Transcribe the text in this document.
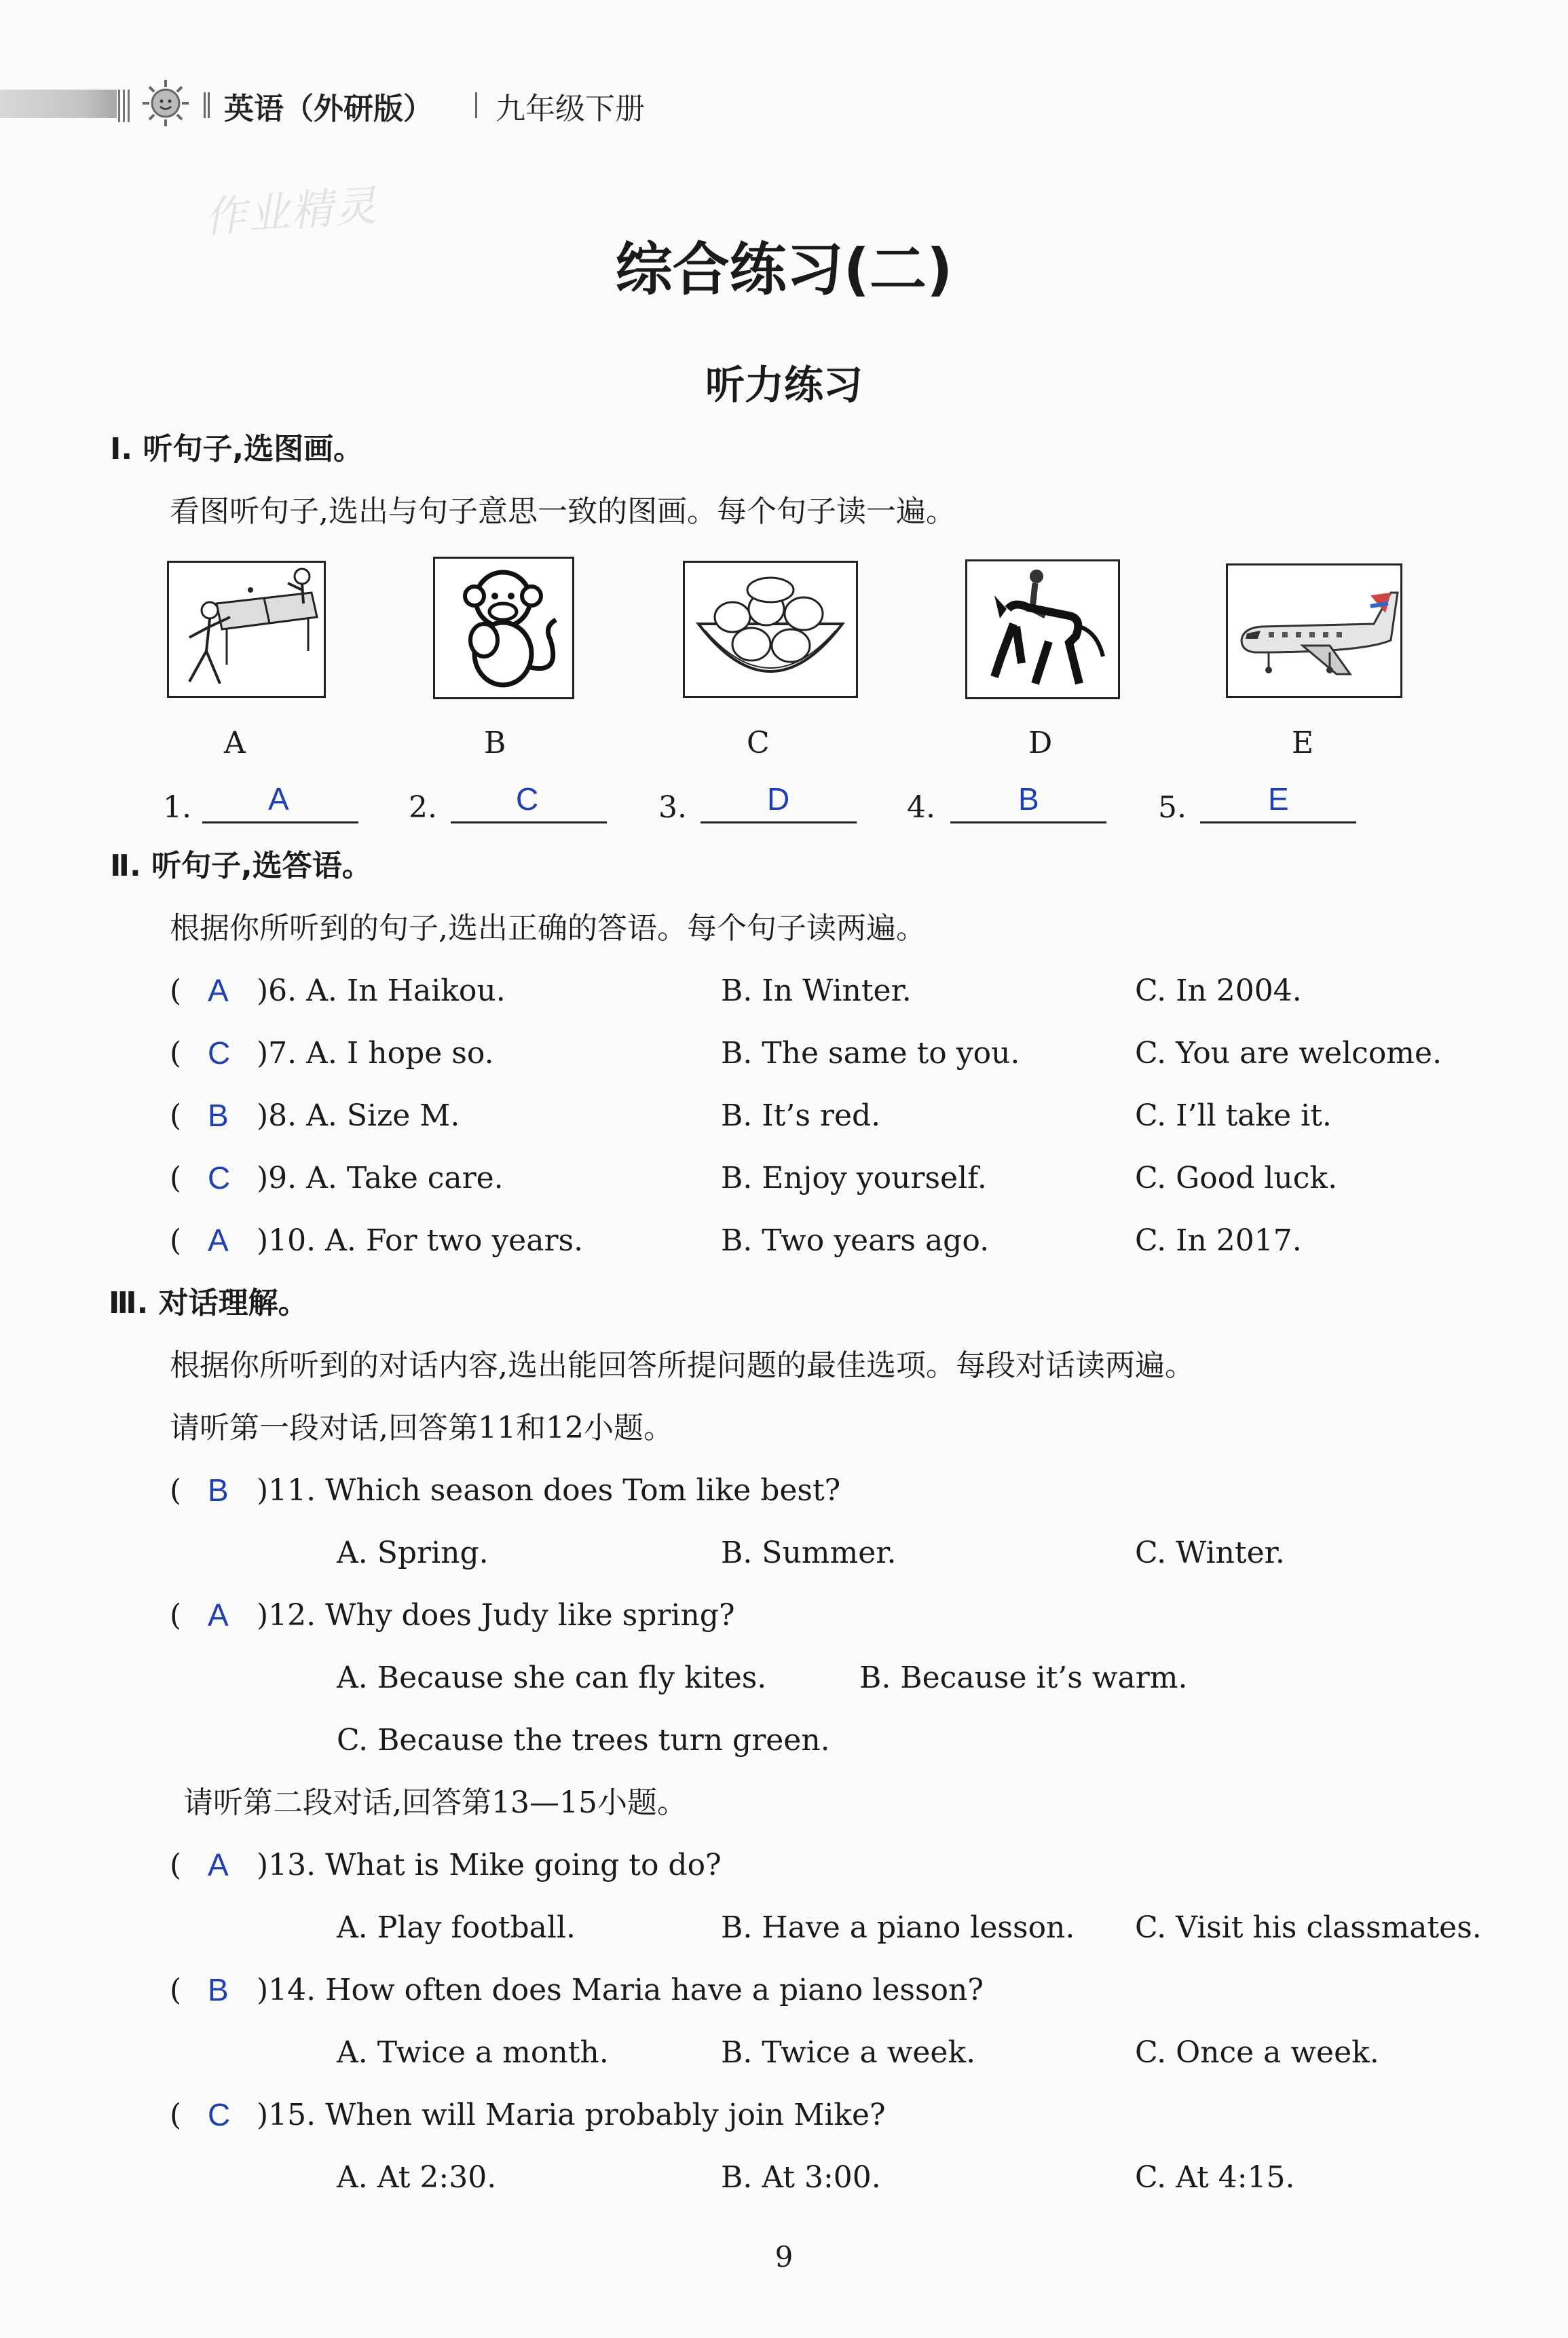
英语（外研版） 九年级下册
作业精灵
综合练习(二)
听力练习
Ⅰ. 听句子,选图画。
看图听句子,选出与句子意思一致的图画。每个句子读一遍。
A	B	C	D	E
1. A	2.	C	3.	D	4.	B	5.	E
Ⅱ. 听句子,选答语。
根据你所听到的句子,选出正确的答语。每个句子读两遍。
( A )6. A. In Haikou.	B. In Winter.	C. In 2004.
( C )7. A. I hope so.	B. The same to you.	C. You are welcome.
( B )8. A. Size M.	B. It’s red.	C. I’ll take it.
( C )9. A. Take care.	B. Enjoy yourself.	C. Good luck.
( A )10. A. For two years.	B. Two years ago.	C. In 2017.
Ⅲ. 对话理解。
根据你所听到的对话内容,选出能回答所提问题的最佳选项。每段对话读两遍。
请听第一段对话,回答第11和12小题。
( B )11. Which season does Tom like best?
A. Spring.	B. Summer.	C. Winter.
( A )12. Why does Judy like spring?
A. Because she can fly kites.	B. Because it’s warm.
C. Because the trees turn green.
请听第二段对话,回答第13—15小题。
( A )13. What is Mike going to do?
A. Play football.	B. Have a piano lesson. C. Visit his classmates.
( B )14. How often does Maria have a piano lesson?
A. Twice a month.	B. Twice a week.	C. Once a week.
( C )15. When will Maria probably join Mike?
A. At 2:30.	B. At 3:00.	C. At 4:15.
9
